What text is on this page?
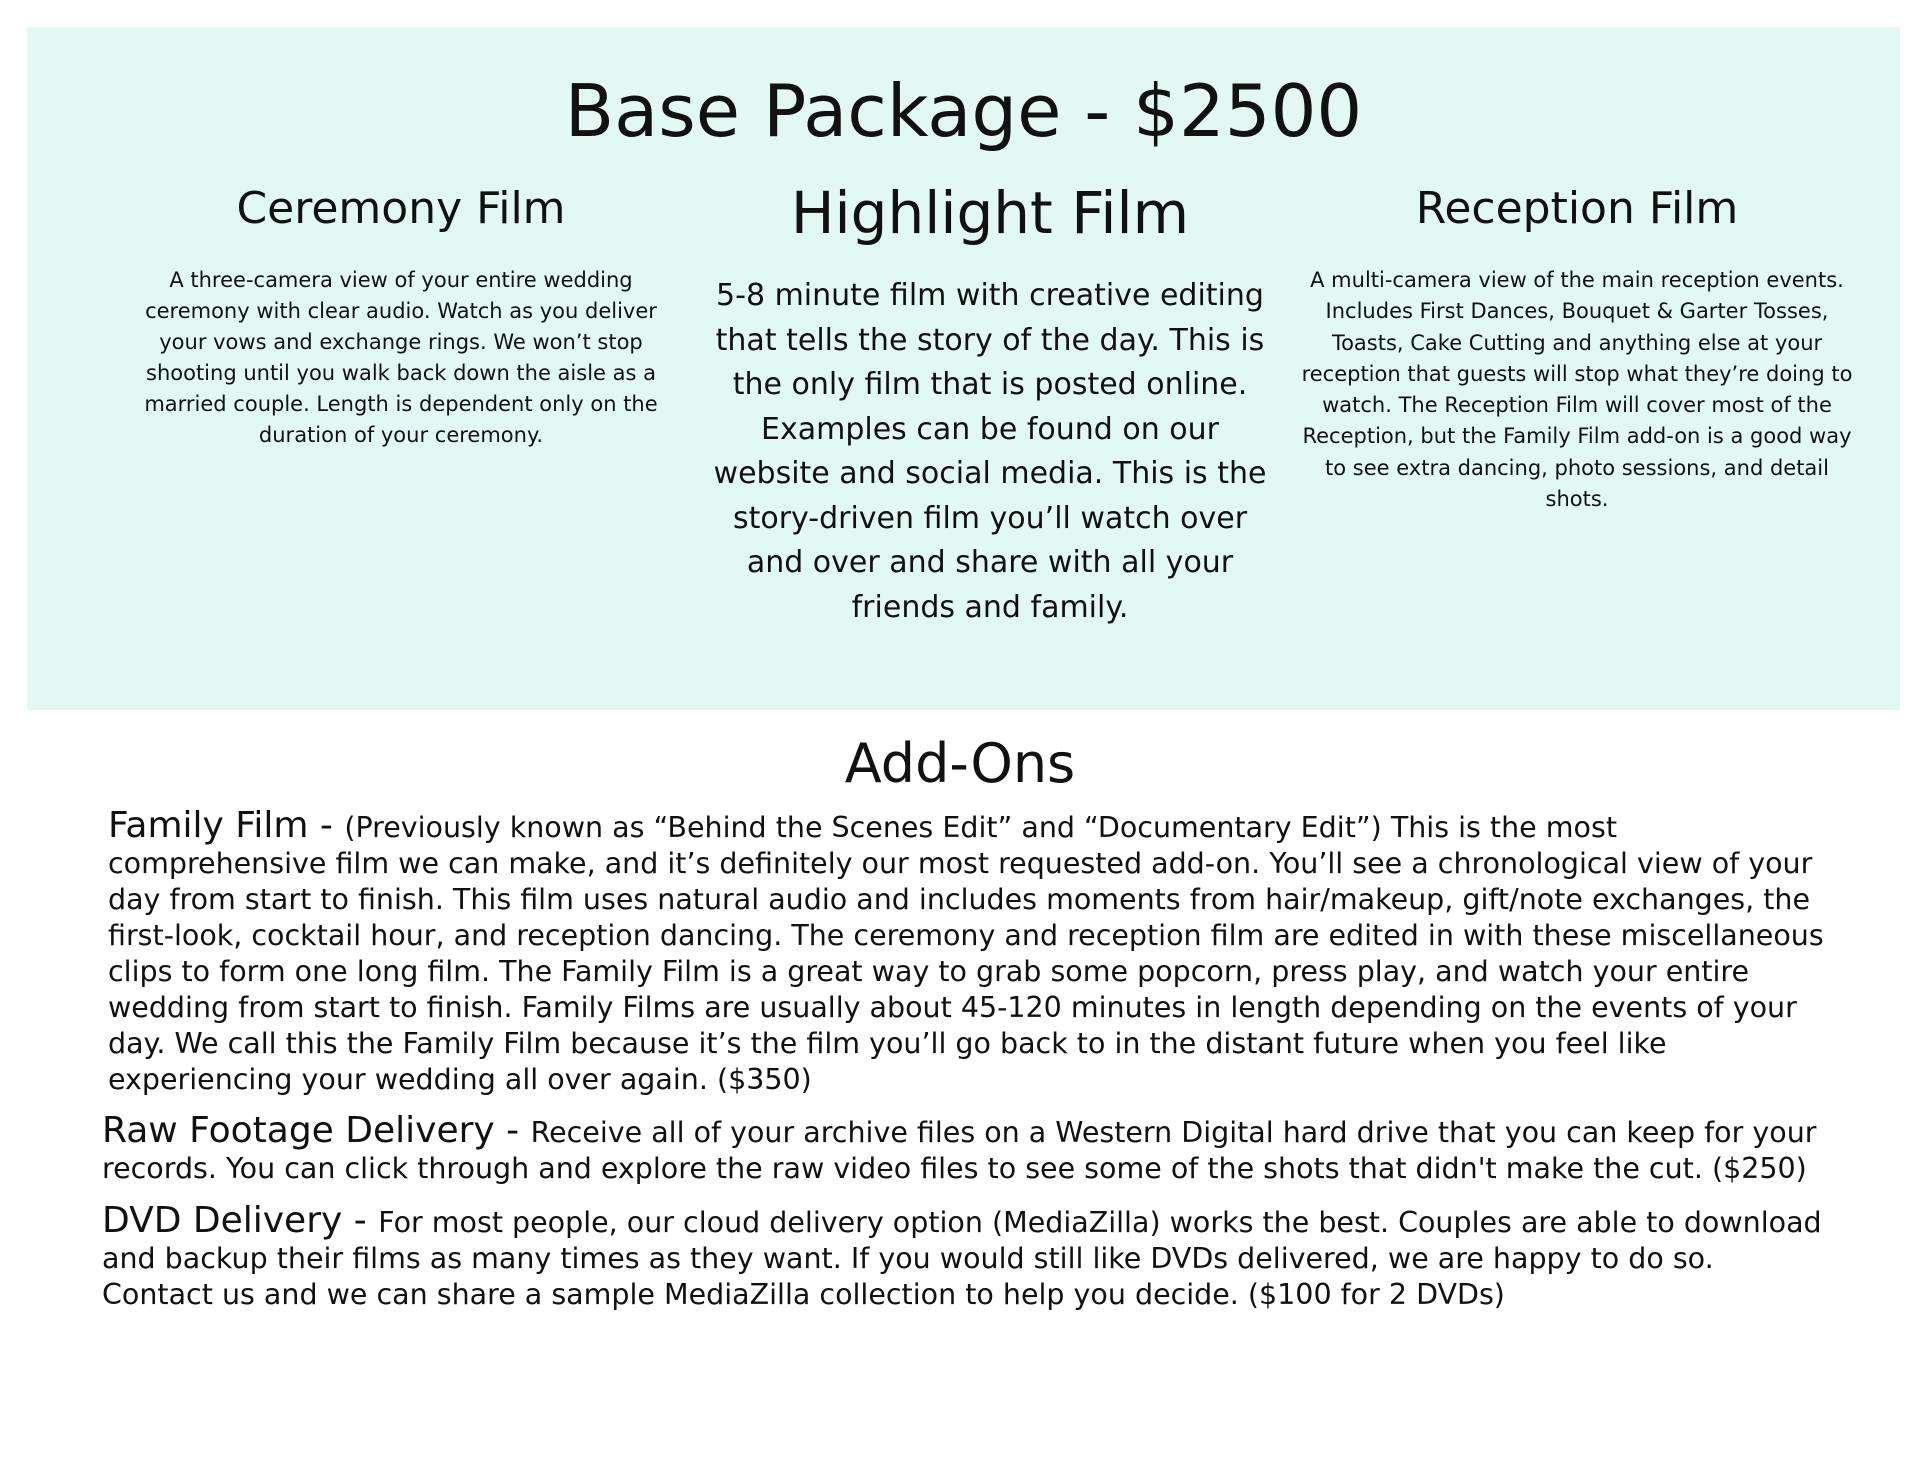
Base Package - $2500
Ceremony Film

A three-camera view of your entire wedding ceremony with clear audio. Watch as you deliver your vows and exchange rings. We won’t stop shooting until you walk back down the aisle as a married couple. Length is dependent only on the duration of your ceremony.

Highlight Film

5-8 minute film with creative editing that tells the story of the day. This is the only film that is posted online. Examples can be found on our website and social media. This is the story-driven film you’ll watch over and over and share with all your friends and family.

Reception Film

A multi-camera view of the main reception events. Includes First Dances, Bouquet & Garter Tosses, Toasts, Cake Cutting and anything else at your reception that guests will stop what they’re doing to watch. The Reception Film will cover most of the Reception, but the Family Film add-on is a good way to see extra dancing, photo sessions, and detail shots.

Add-Ons

Family Film - (Previously known as “Behind the Scenes Edit” and “Documentary Edit”) This is the most comprehensive film we can make, and it’s definitely our most requested add-on. You’ll see a chronological view of your day from start to finish. This film uses natural audio and includes moments from hair/makeup, gift/note exchanges, the first-look, cocktail hour, and reception dancing. The ceremony and reception film are edited in with these miscellaneous clips to form one long film. The Family Film is a great way to grab some popcorn, press play, and watch your entire wedding from start to finish. Family Films are usually about 45-120 minutes in length depending on the events of your day. We call this the Family Film because it’s the film you’ll go back to in the distant future when you feel like experiencing your wedding all over again. ($350)

Raw Footage Delivery - Receive all of your archive files on a Western Digital hard drive that you can keep for your records. You can click through and explore the raw video files to see some of the shots that didn't make the cut. ($250)

DVD Delivery - For most people, our cloud delivery option (MediaZilla) works the best. Couples are able to download and backup their films as many times as they want. If you would still like DVDs delivered, we are happy to do so. Contact us and we can share a sample MediaZilla collection to help you decide. ($100 for 2 DVDs)
